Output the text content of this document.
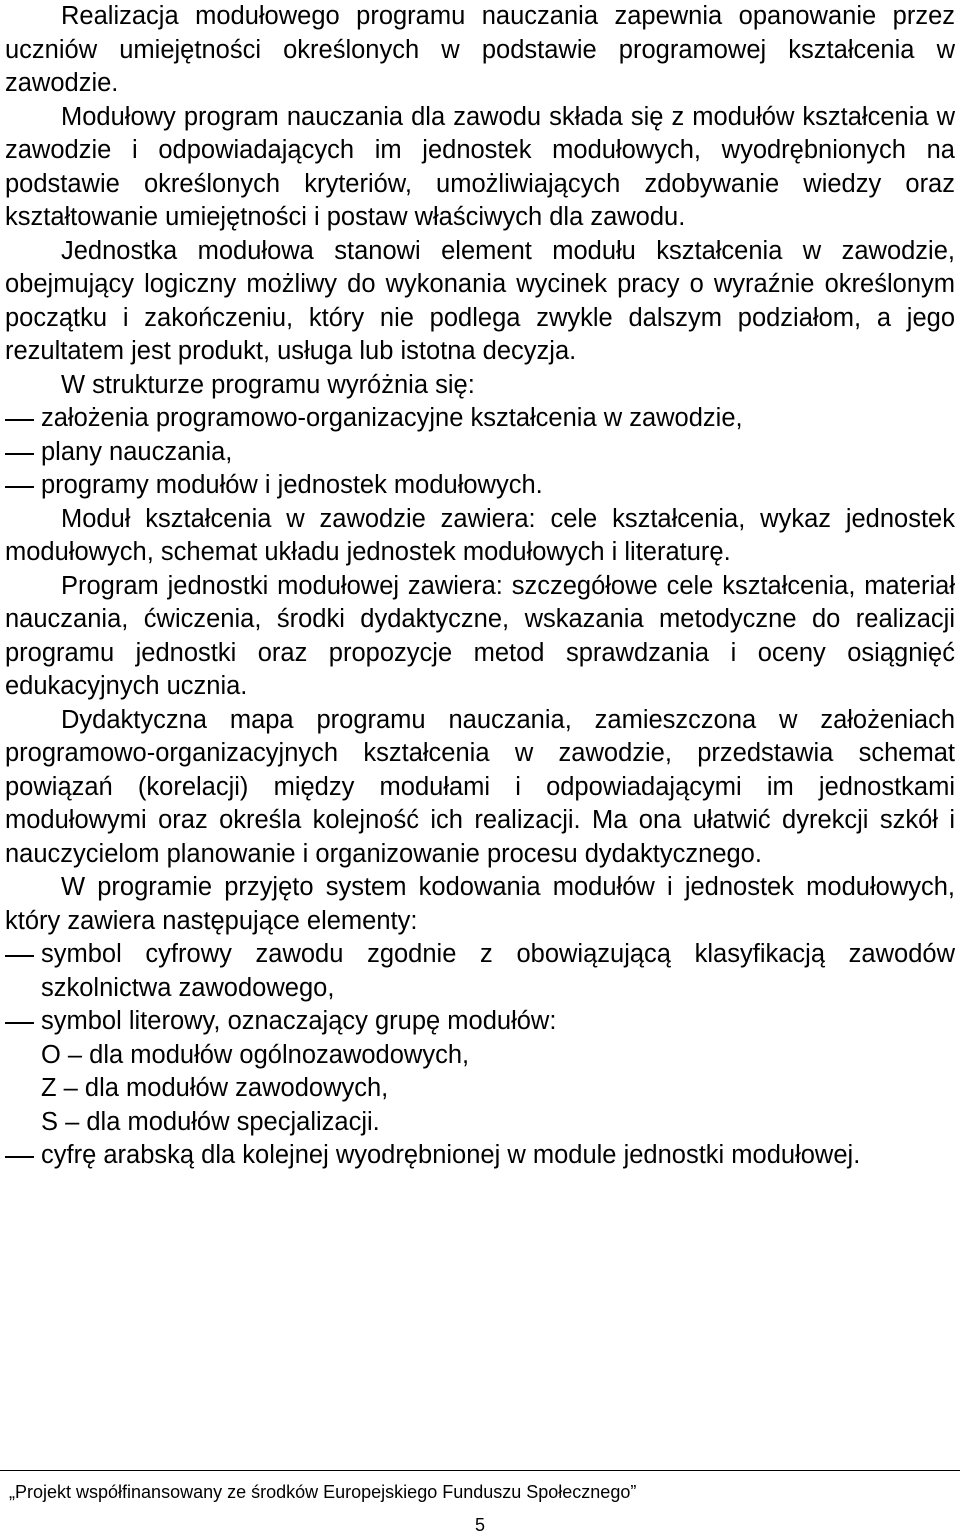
Realizacja modułowego programu nauczania zapewnia opanowanie przez uczniów umiejętności określonych w podstawie programowej kształcenia w zawodzie.

Modułowy program nauczania dla zawodu składa się z modułów kształcenia w zawodzie i odpowiadających im jednostek modułowych, wyodrębnionych na podstawie określonych kryteriów, umożliwiających zdobywanie wiedzy oraz kształtowanie umiejętności i postaw właściwych dla zawodu.

Jednostka modułowa stanowi element modułu kształcenia w zawodzie, obejmujący logiczny możliwy do wykonania wycinek pracy o wyraźnie określonym początku i zakończeniu, który nie podlega zwykle dalszym podziałom, a jego rezultatem jest produkt, usługa lub istotna decyzja.

W strukturze programu wyróżnia się:

założenia programowo-organizacyjne kształcenia w zawodzie,

plany nauczania,

programy modułów i jednostek modułowych.

Moduł kształcenia w zawodzie zawiera: cele kształcenia, wykaz jednostek modułowych, schemat układu jednostek modułowych i literaturę.

Program jednostki modułowej zawiera: szczegółowe cele kształcenia, materiał nauczania, ćwiczenia, środki dydaktyczne, wskazania metodyczne do realizacji programu jednostki oraz propozycje metod sprawdzania i oceny osiągnięć edukacyjnych ucznia.

Dydaktyczna mapa programu nauczania, zamieszczona w założeniach programowo-organizacyjnych kształcenia w zawodzie, przedstawia schemat powiązań (korelacji) między modułami i odpowiadającymi im jednostkami modułowymi oraz określa kolejność ich realizacji. Ma ona ułatwić dyrekcji szkół i nauczycielom planowanie i organizowanie procesu dydaktycznego.

W programie przyjęto system kodowania modułów i jednostek modułowych, który zawiera następujące elementy:

symbol cyfrowy zawodu zgodnie z obowiązującą klasyfikacją zawodów szkolnictwa zawodowego,

symbol literowy, oznaczający grupę modułów:

O – dla modułów ogólnozawodowych,

Z – dla modułów zawodowych,

S – dla modułów specjalizacji.

cyfrę arabską dla kolejnej wyodrębnionej w module jednostki modułowej.

„Projekt współfinansowany ze środków Europejskiego Funduszu Społecznego”
5
